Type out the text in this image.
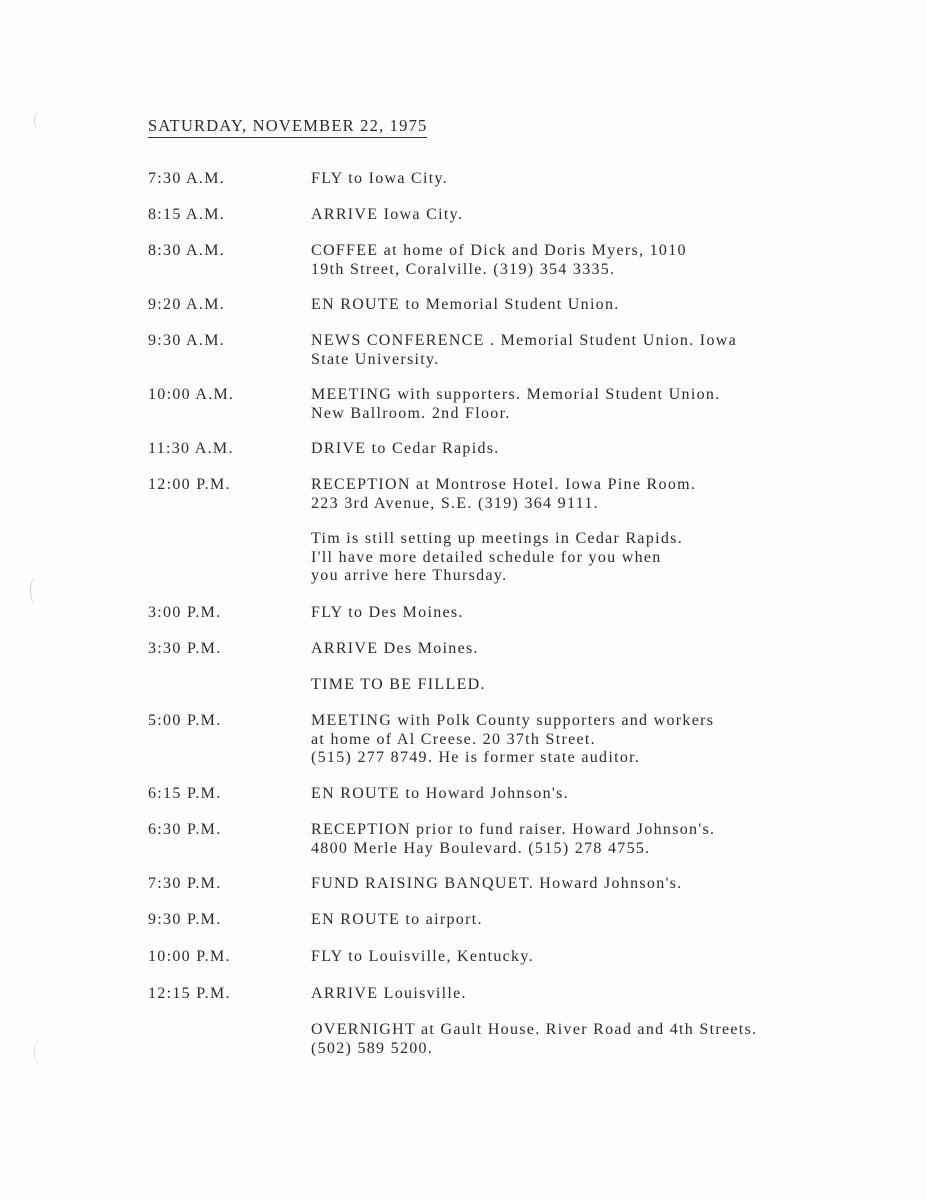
SATURDAY, NOVEMBER 22, 1975
7:30 A.M.	FLY to Iowa City.
8:15 A.M.	ARRIVE Iowa City.
8:30 A.M.	COFFEE at home of Dick and Doris Myers, 1010
19th Street, Coralville. (319) 354 3335.
9:20 A.M.	EN ROUTE to Memorial Student Union.
9:30 A.M.	NEWS CONFERENCE . Memorial Student Union. Iowa
State University.
10:00 A.M.	MEETING with supporters. Memorial Student Union.
New Ballroom. 2nd Floor.
11:30 A.M.	DRIVE to Cedar Rapids.
12:00 P.M.	RECEPTION at Montrose Hotel. Iowa Pine Room.
223 3rd Avenue, S.E. (319) 364 9111.
Tim is still setting up meetings in Cedar Rapids.
I'll have more detailed schedule for you when
you arrive here Thursday.
3:00 P.M.	FLY to Des Moines.
3:30 P.M.	ARRIVE Des Moines.
TIME TO BE FILLED.
5:00 P.M.	MEETING with Polk County supporters and workers
at home of Al Creese. 20 37th Street.
(515) 277 8749. He is former state auditor.
6:15 P.M.	EN ROUTE to Howard Johnson's.
6:30 P.M.	RECEPTION prior to fund raiser. Howard Johnson's.
4800 Merle Hay Boulevard. (515) 278 4755.
7:30 P.M.	FUND RAISING BANQUET. Howard Johnson's.
9:30 P.M.	EN ROUTE to airport.
10:00 P.M.	FLY to Louisville, Kentucky.
12:15 P.M.	ARRIVE Louisville.
OVERNIGHT at Gault House. River Road and 4th Streets.
(502) 589 5200.
